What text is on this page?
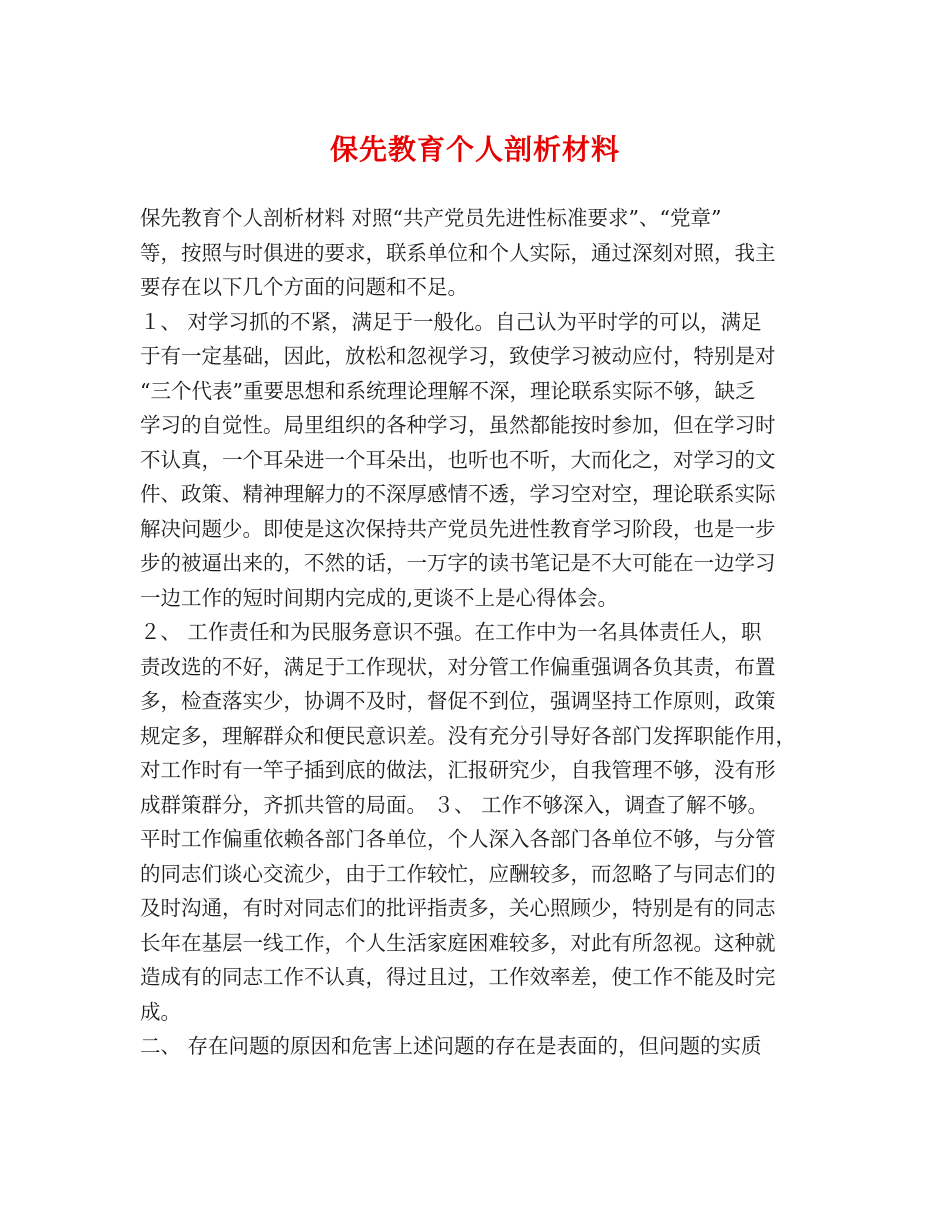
保先教育个人剖析材料
保先教育个人剖析材料 对照“共产党员先进性标准要求”、“党章”
等，按照与时俱进的要求，联系单位和个人实际，通过深刻对照，我主
要存在以下几个方面的问题和不足。
１、 对学习抓的不紧，满足于一般化。自己认为平时学的可以，满足
于有一定基础，因此，放松和忽视学习，致使学习被动应付，特别是对
“三个代表”重要思想和系统理论理解不深，理论联系实际不够，缺乏
学习的自觉性。局里组织的各种学习，虽然都能按时参加，但在学习时
不认真，一个耳朵进一个耳朵出，也听也不听，大而化之，对学习的文
件、政策、精神理解力的不深厚感情不透，学习空对空，理论联系实际
解决问题少。即使是这次保持共产党员先进性教育学习阶段，也是一步
步的被逼出来的，不然的话，一万字的读书笔记是不大可能在一边学习
一边工作的短时间期内完成的,更谈不上是心得体会。
２、 工作责任和为民服务意识不强。在工作中为一名具体责任人，职
责改选的不好，满足于工作现状，对分管工作偏重强调各负其责，布置
多，检查落实少，协调不及时，督促不到位，强调坚持工作原则，政策
规定多，理解群众和便民意识差。没有充分引导好各部门发挥职能作用，
对工作时有一竿子插到底的做法，汇报研究少，自我管理不够，没有形
成群策群分，齐抓共管的局面。 ３、 工作不够深入，调查了解不够。
平时工作偏重依赖各部门各单位，个人深入各部门各单位不够，与分管
的同志们谈心交流少，由于工作较忙，应酬较多，而忽略了与同志们的
及时沟通，有时对同志们的批评指责多，关心照顾少，特别是有的同志
长年在基层一线工作，个人生活家庭困难较多，对此有所忽视。这种就
造成有的同志工作不认真，得过且过，工作效率差，使工作不能及时完
成。
二、 存在问题的原因和危害上述问题的存在是表面的，但问题的实质
